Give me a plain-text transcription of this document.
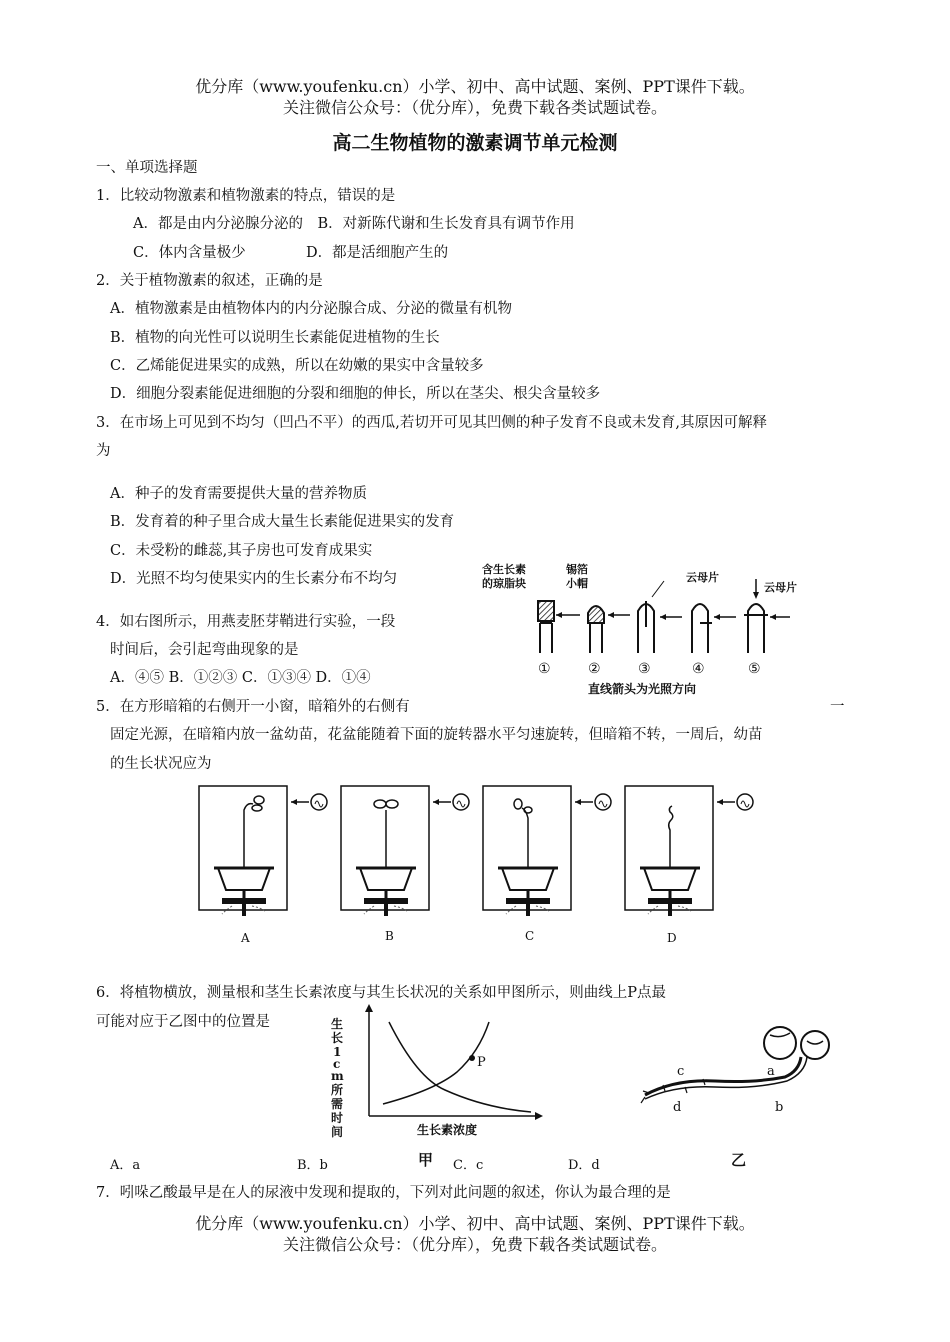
优分库（www.youfenku.cn）小学、初中、高中试题、案例、PPT课件下载。
关注微信公众号：（优分库），免费下载各类试题试卷。
高二生物植物的激素调节单元检测
一、单项选择题
1．比较动物激素和植物激素的特点，错误的是
A．都是由内分泌腺分泌的　B．对新陈代谢和生长发育具有调节作用
C．体内含量极少	D．都是活细胞产生的
2．关于植物激素的叙述，正确的是
A．植物激素是由植物体内的内分泌腺合成、分泌的微量有机物
B．植物的向光性可以说明生长素能促进植物的生长
C．乙烯能促进果实的成熟，所以在幼嫩的果实中含量较多
D．细胞分裂素能促进细胞的分裂和细胞的伸长，所以在茎尖、根尖含量较多
3．在市场上可见到不均匀（凹凸不平）的西瓜,若切开可见其凹侧的种子发育不良或未发育,其原因可解释
为
A．种子的发育需要提供大量的营养物质
B．发育着的种子里合成大量生长素能促进果实的发育
C．未受粉的雌蕊,其子房也可发育成果实
D．光照不均匀使果实内的生长素分布不均匀
4．如右图所示，用燕麦胚芽鞘进行实验，一段
时间后，会引起弯曲现象的是
A．④⑤ B．①②③ C．①③④ D．①④
含生长素
的琼脂块
锡箔
小帽	云母片
云母片
①	②	③	④	⑤
直线箭头为光照方向
5．在方形暗箱的右侧开一小窗，暗箱外的右侧有	一
固定光源，在暗箱内放一盆幼苗，花盆能随着下面的旋转器水平匀速旋转，但暗箱不转，一周后，幼苗
的生长状况应为
A	B	C	D
6．将植物横放，测量根和茎生长素浓度与其生长状况的关系如甲图所示，则曲线上P点最
可能对应于乙图中的位置是	生
长
1
c
m
所
需
时
间
P
生长素浓度
c	a
d	b
A．a	B．b	甲 C．c	D．d	乙
7．吲哚乙酸最早是在人的尿液中发现和提取的，下列对此问题的叙述，你认为最合理的是
优分库（www.youfenku.cn）小学、初中、高中试题、案例、PPT课件下载。
关注微信公众号：（优分库），免费下载各类试题试卷。
